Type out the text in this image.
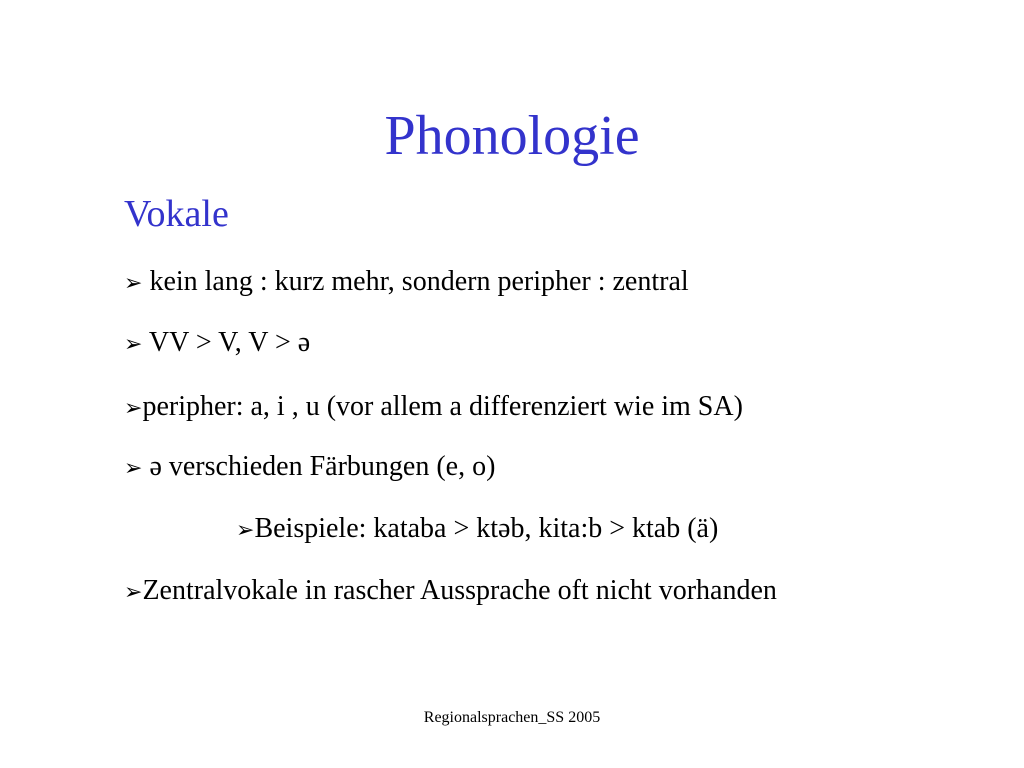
Phonologie
Vokale
➢ kein lang : kurz mehr, sondern peripher : zentral
➢ VV > V, V > ə
➢peripher: a, i , u (vor allem a differenziert wie im SA)
➢ ə verschieden Färbungen (e, o)
➢Beispiele: kataba > ktəb, kita:b > ktab (ä)
➢Zentralvokale in rascher Aussprache oft nicht vorhanden
Regionalsprachen_SS 2005
